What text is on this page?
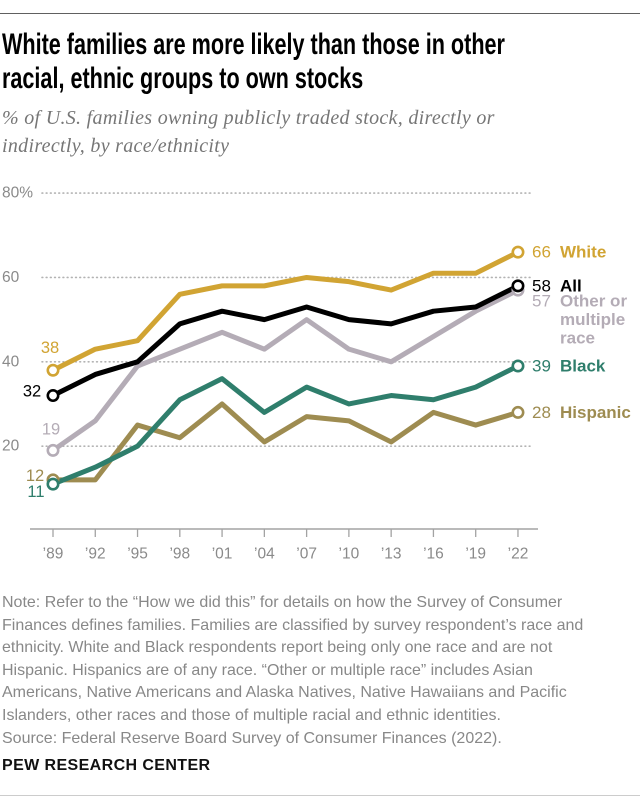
White families are more likely than those in other
racial, ethnic groups to own stocks
% of U.S. families owning publicly traded stock, directly or
indirectly, by race/ethnicity
80%
60
40
20
’89 ’92 ’95 ’98 ’01 ’04 ’07 ’10 ’13 ’16 ’19 ’22
38
32
19
11
12
66 White
58 All
57 Other or
multiple
race
39 Black
28 Hispanic
Note: Refer to the “How we did this” for details on how the Survey of Consumer
Finances defines families. Families are classified by survey respondent’s race and
ethnicity. White and Black respondents report being only one race and are not
Hispanic. Hispanics are of any race. “Other or multiple race” includes Asian
Americans, Native Americans and Alaska Natives, Native Hawaiians and Pacific
Islanders, other races and those of multiple racial and ethnic identities.
Source: Federal Reserve Board Survey of Consumer Finances (2022).
PEW RESEARCH CENTER
